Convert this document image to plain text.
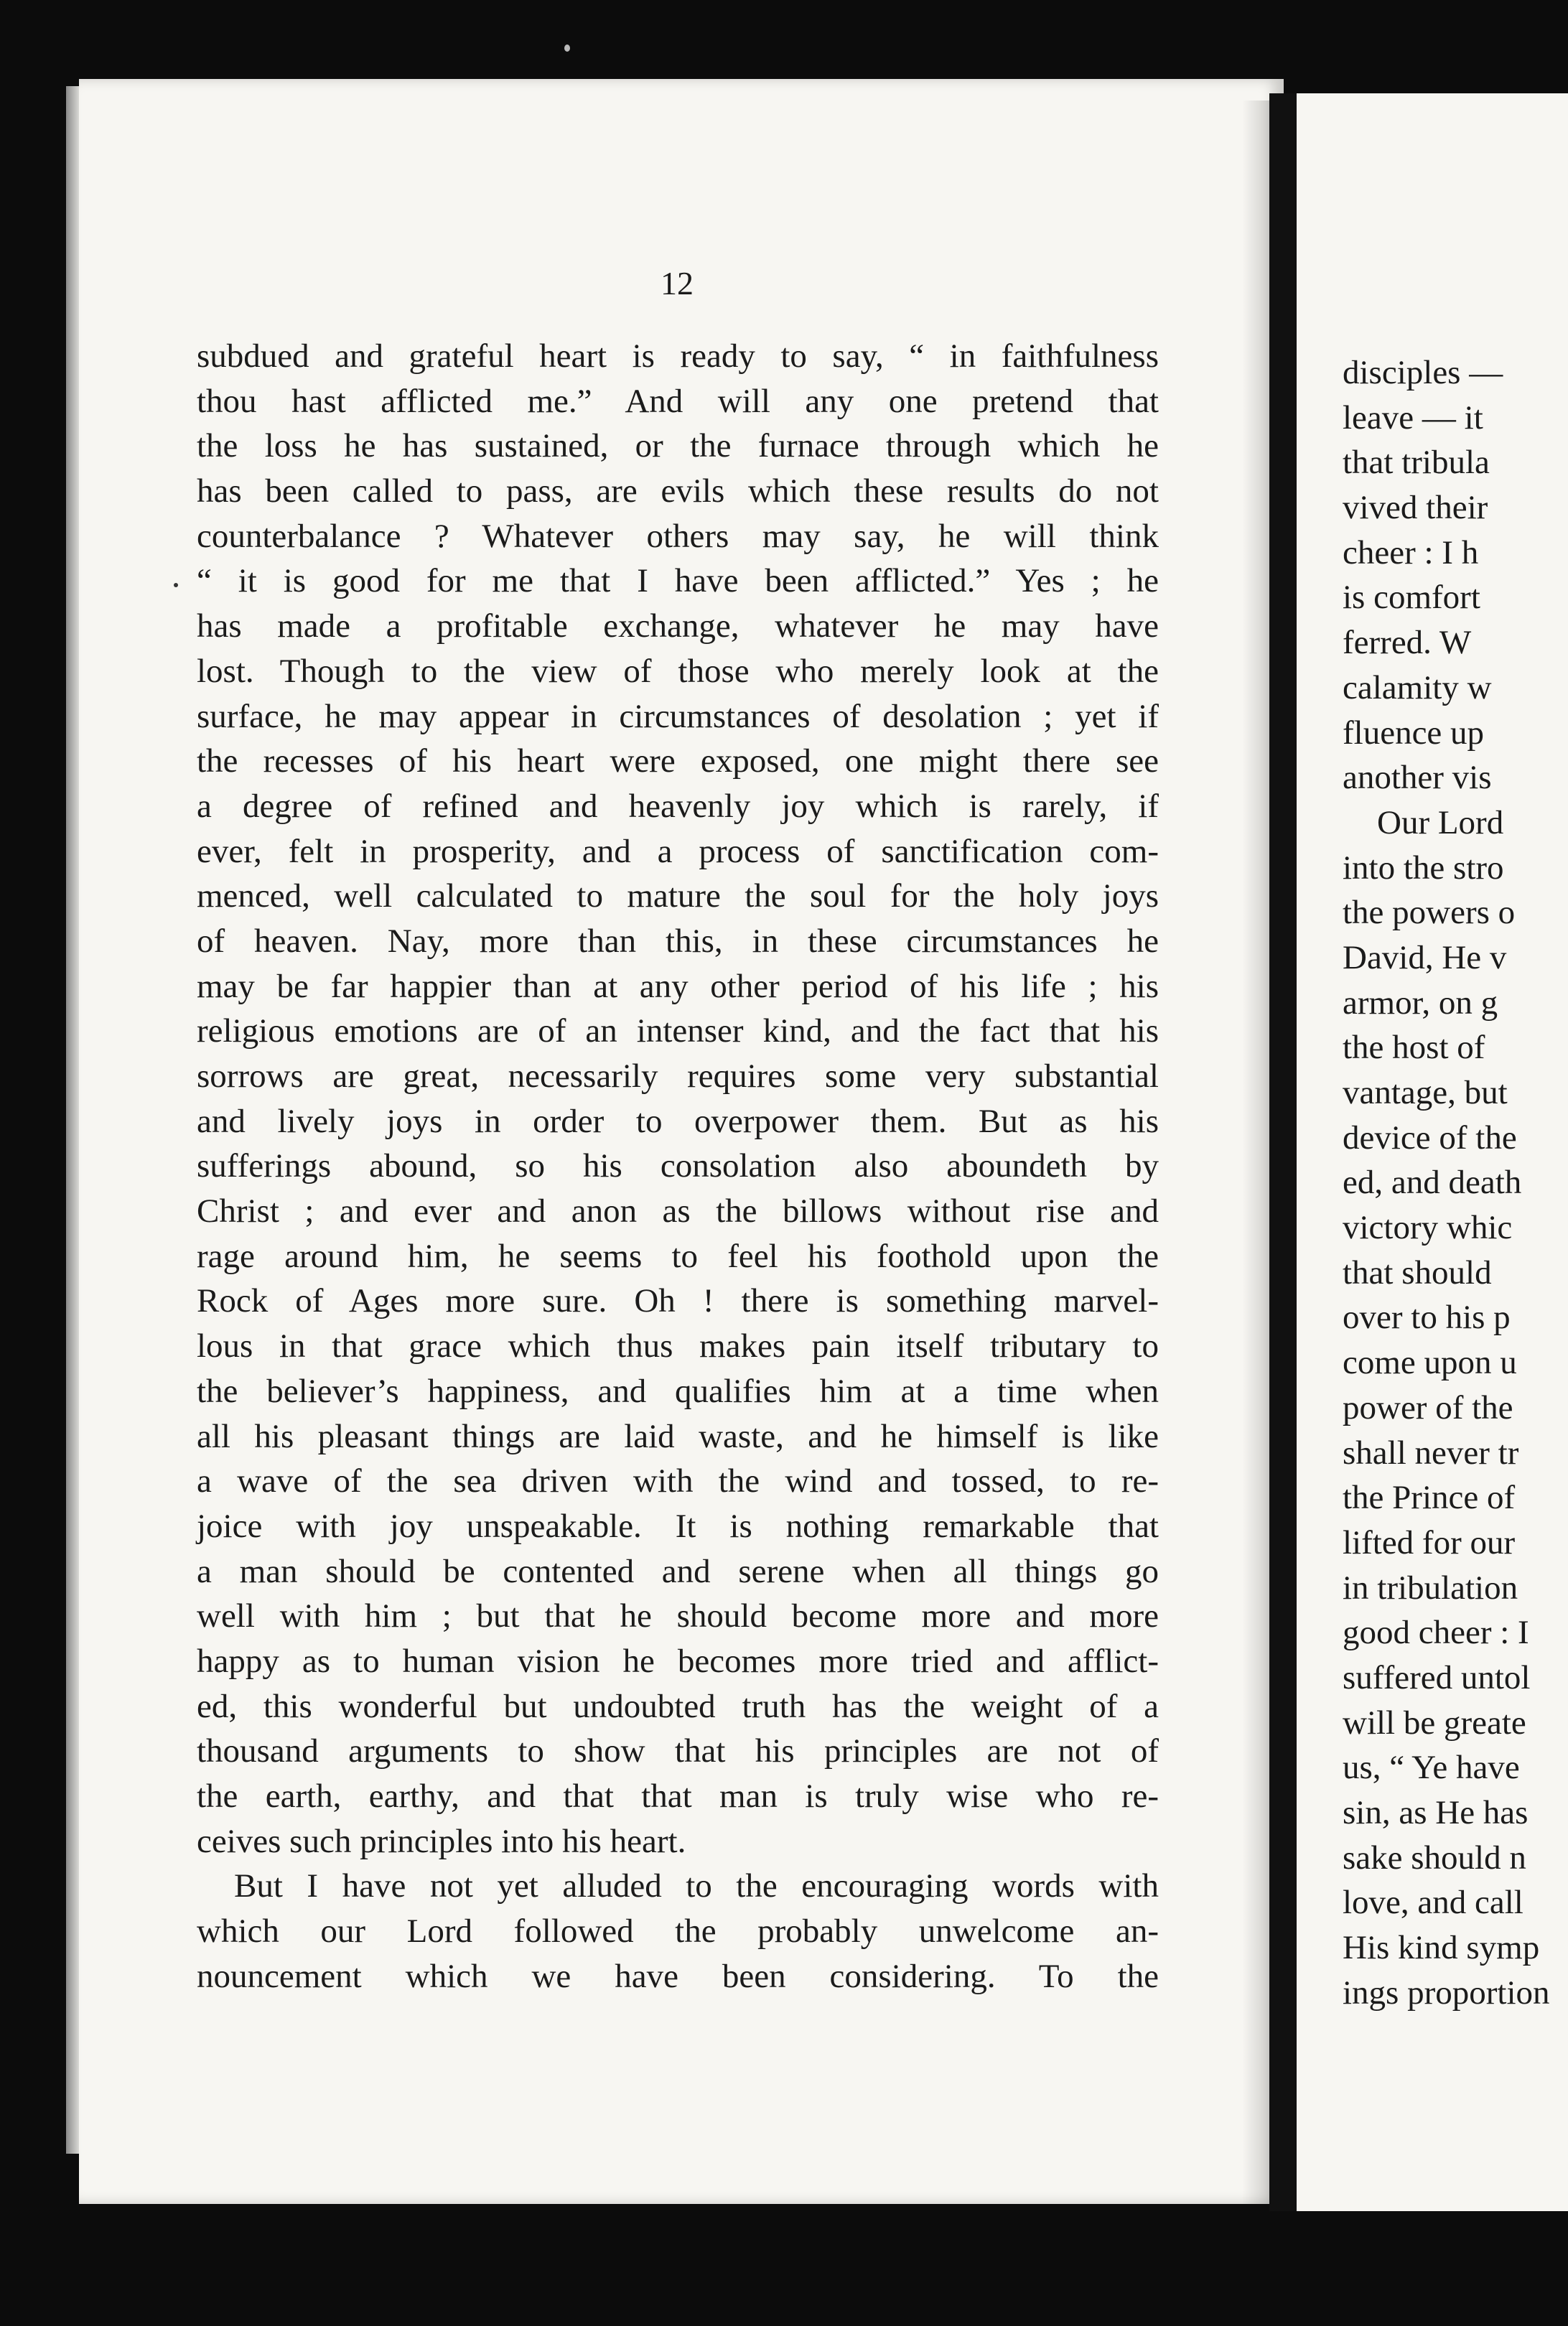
12
subdued and grateful heart is ready to say, “ in faithfulness
thou hast afflicted me.” And will any one pretend that
the loss he has sustained, or the furnace through which he
has been called to pass, are evils which these results do not
counterbalance ? Whatever others may say, he will think
“ it is good for me that I have been afflicted.” Yes ; he
has made a profitable exchange, whatever he may have
lost. Though to the view of those who merely look at the
surface, he may appear in circumstances of desolation ; yet if
the recesses of his heart were exposed, one might there see
a degree of refined and heavenly joy which is rarely, if
ever, felt in prosperity, and a process of sanctification com-
menced, well calculated to mature the soul for the holy joys
of heaven. Nay, more than this, in these circumstances he
may be far happier than at any other period of his life ; his
religious emotions are of an intenser kind, and the fact that his
sorrows are great, necessarily requires some very substantial
and lively joys in order to overpower them. But as his
sufferings abound, so his consolation also aboundeth by
Christ ; and ever and anon as the billows without rise and
rage around him, he seems to feel his foothold upon the
Rock of Ages more sure. Oh ! there is something marvel-
lous in that grace which thus makes pain itself tributary to
the believer’s happiness, and qualifies him at a time when
all his pleasant things are laid waste, and he himself is like
a wave of the sea driven with the wind and tossed, to re-
joice with joy unspeakable. It is nothing remarkable that
a man should be contented and serene when all things go
well with him ; but that he should become more and more
happy as to human vision he becomes more tried and afflict-
ed, this wonderful but undoubted truth has the weight of a
thousand arguments to show that his principles are not of
the earth, earthy, and that that man is truly wise who re-
ceives such principles into his heart.
But I have not yet alluded to the encouraging words with
which our Lord followed the probably unwelcome an-
nouncement which we have been considering. To the
disciples —
leave — it
that tribula
vived their
cheer : I h
is comfort
ferred. W
calamity w
fluence up
another vis
Our Lord
into the stro
the powers o
David, He v
armor, on g
the host of
vantage, but
device of the
ed, and death
victory whic
that should
over to his p
come upon u
power of the
shall never tr
the Prince of
lifted for our
in tribulation
good cheer : I
suffered untol
will be greate
us, “ Ye have
sin, as He has
sake should n
love, and call
His kind symp
ings proportion
